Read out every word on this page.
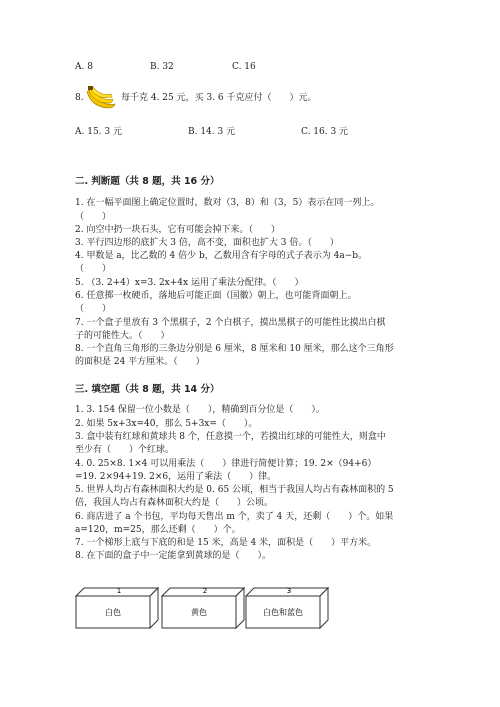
A. 8	B. 32	C. 16
8.	每千克 4. 25 元，买 3. 6 千克应付（　　）元。
A. 15. 3 元	B. 14. 3 元	C. 16. 3 元
二. 判断题（共 8 题，共 16 分）
1. 在一幅平面图上确定位置时，数对（3，8）和（3，5）表示在同一列上。
（　　）
2. 向空中扔一块石头，它有可能会掉下来。（　　）
3. 平行四边形的底扩大 3 倍，高不变，面积也扩大 3 倍。（　　）
4. 甲数是 a，比乙数的 4 倍少 b，乙数用含有字母的式子表示为 4a−b。
（　　）
5. （3. 2+4）x=3. 2x+4x 运用了乘法分配律。（　　）
6. 任意掷一枚硬币，落地后可能正面（国徽）朝上，也可能背面朝上。
（　　）
7. 一个盒子里放有 3 个黑棋子，2 个白棋子，摸出黑棋子的可能性比摸出白棋
子的可能性大。（　　）
8. 一个直角三角形的三条边分别是 6 厘米，8 厘米和 10 厘米，那么这个三角形
的面积是 24 平方厘米。（　　）
三. 填空题（共 8 题，共 14 分）
1. 3. 154 保留一位小数是（　　），精确到百分位是（　　）。
2. 如果 5x+3x=40，那么 5+3x=（　　）。
3. 盒中装有红球和黄球共 8 个，任意摸一个，若摸出红球的可能性大，则盒中
至少有（　　）个红球。
4. 0. 25×8. 1×4 可以用乘法（　　）律进行简便计算；19. 2×（94+6）
=19. 2×94+19. 2×6，运用了乘法（　　）律。
5. 世界人均占有森林面积大约是 0. 65 公顷，相当于我国人均占有森林面积的 5
倍，我国人均占有森林面积大约是（　　）公顷。
6. 商店进了 a 个书包，平均每天售出 m 个，卖了 4 天，还剩（　　）个。如果
a=120，m=25，那么还剩（　　）个。
7. 一个梯形上底与下底的和是 15 米，高是 4 米，面积是（　　）平方米。
8. 在下面的盒子中一定能拿到黄球的是（　　）。
1
白色
2
黄色
3
白色和蓝色
